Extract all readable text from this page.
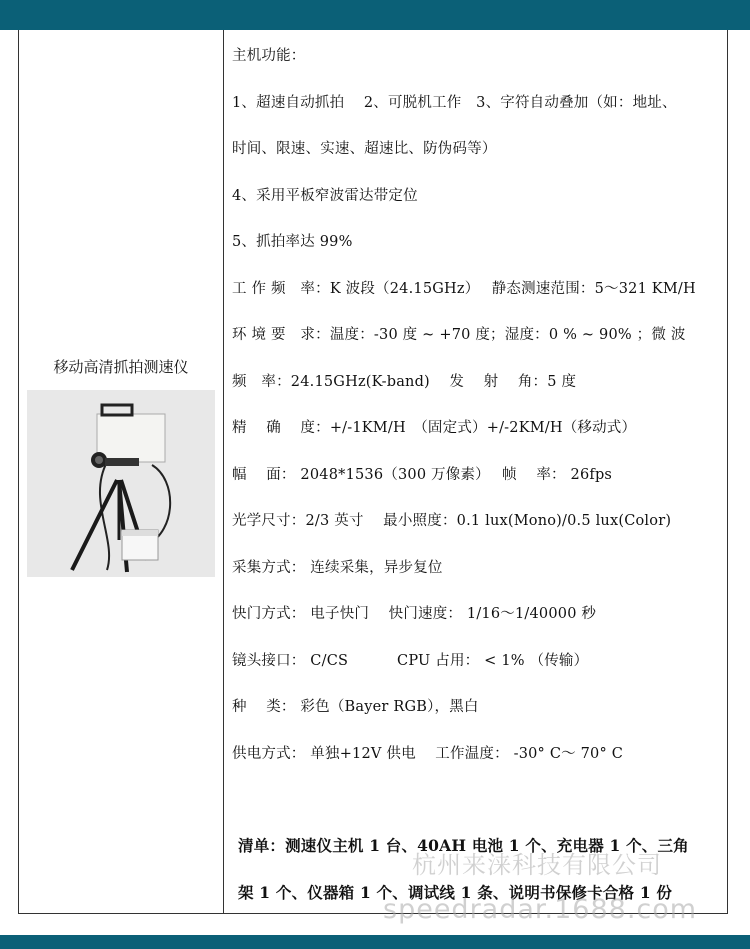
移动高清抓拍测速仪
主机功能：
1、超速自动抓拍　 2、可脱机工作　3、字符自动叠加（如：地址、
时间、限速、实速、超速比、防伪码等）
4、采用平板窄波雷达带定位
5、抓拍率达 99%
工 作 频　率：K 波段（24.15GHz）　 静态测速范围：5～321 KM/H
环 境 要　求：温度：-30 度 ~ +70 度；湿度：0 % ~ 90% ；微 波
频　率：24.15GHz(K-band)　 发　 射　 角：5 度
精　 确　 度：+/-1KM/H　（固定式）+/-2KM/H（移动式）
幅　 面： 2048*1536（300 万像素）　 帧　 率： 26fps
光学尺寸：2/3 英寸　 最小照度：0.1 lux(Mono)/0.5 lux(Color)
采集方式： 连续采集，异步复位
快门方式： 电子快门　 快门速度： 1/16～1/40000 秒
镜头接口： C/CS　　　 CPU 占用： < 1% （传输）
种　 类： 彩色（Bayer RGB），黑白
供电方式： 单独+12V 供电　 工作温度： -30° C～ 70° C
清单：测速仪主机 1 台、40AH 电池 1 个、充电器 1 个、三角
架 1 个、仪器箱 1 个、调试线 1 条、说明书保修卡合格 1 份
杭州来涞科技有限公司
speedradar.1688.com
